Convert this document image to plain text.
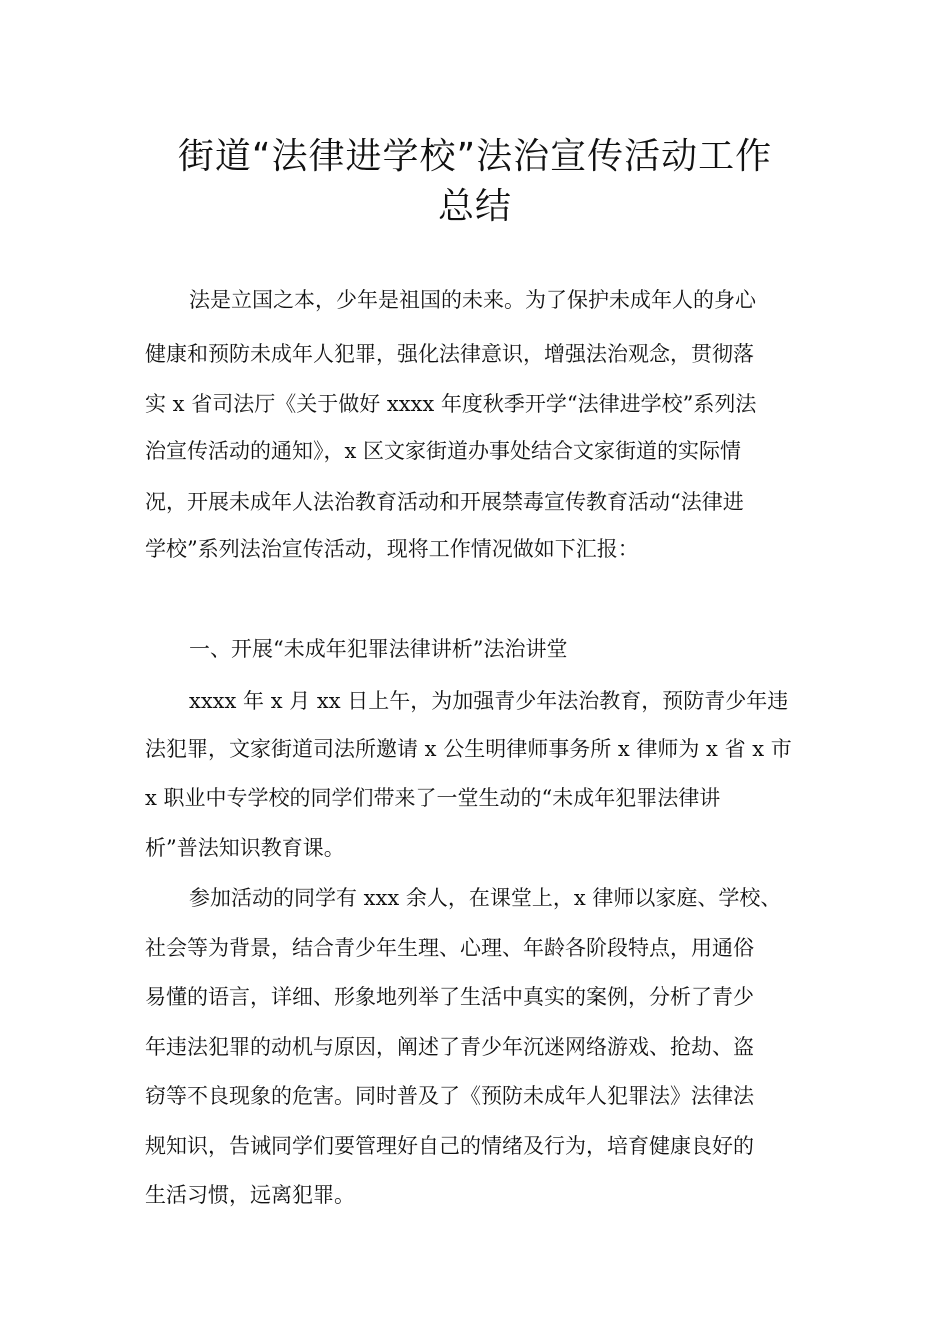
街道“法律进学校”法治宣传活动工作
总结

法是立国之本，少年是祖国的未来。为了保护未成年人的身心

健康和预防未成年人犯罪，强化法律意识，增强法治观念，贯彻落

实 x 省司法厅《关于做好 xxxx 年度秋季开学“法律进学校”系列法

治宣传活动的通知》，x 区文家街道办事处结合文家街道的实际情

况，开展未成年人法治教育活动和开展禁毒宣传教育活动“法律进

学校”系列法治宣传活动，现将工作情况做如下汇报：

一、开展“未成年犯罪法律讲析”法治讲堂

xxxx 年 x 月 xx 日上午，为加强青少年法治教育，预防青少年违

法犯罪，文家街道司法所邀请 x 公生明律师事务所 x 律师为 x 省 x 市

x 职业中专学校的同学们带来了一堂生动的“未成年犯罪法律讲

析”普法知识教育课。

参加活动的同学有 xxx 余人，在课堂上，x 律师以家庭、学校、

社会等为背景，结合青少年生理、心理、年龄各阶段特点，用通俗

易懂的语言，详细、形象地列举了生活中真实的案例，分析了青少

年违法犯罪的动机与原因，阐述了青少年沉迷网络游戏、抢劫、盗

窃等不良现象的危害。同时普及了《预防未成年人犯罪法》法律法

规知识，告诫同学们要管理好自己的情绪及行为，培育健康良好的

生活习惯，远离犯罪。
